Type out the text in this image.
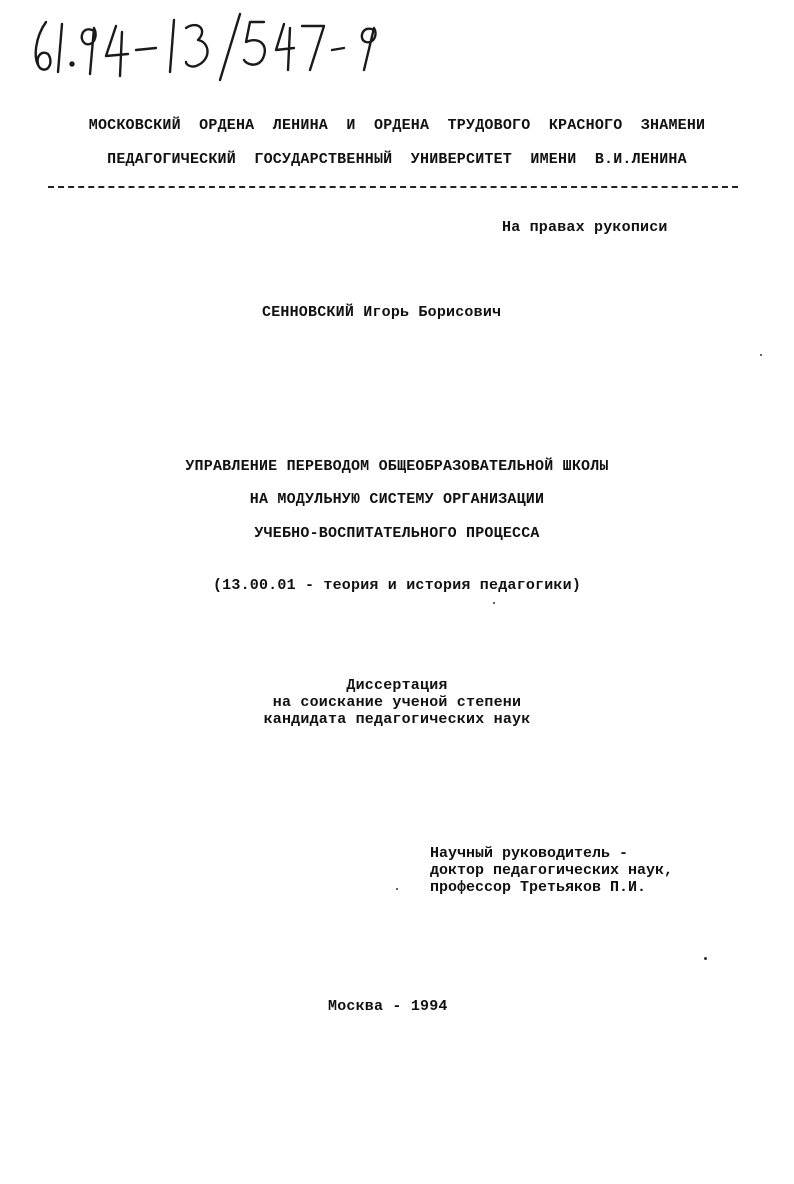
МОСКОВСКИЙ  ОРДЕНА  ЛЕНИНА  И  ОРДЕНА  ТРУДОВОГО  КРАСНОГО  ЗНАМЕНИ
ПЕДАГОГИЧЕСКИЙ  ГОСУДАРСТВЕННЫЙ  УНИВЕРСИТЕТ  ИМЕНИ  В.И.ЛЕНИНА
На правах рукописи
СЕННОВСКИЙ Игорь Борисович
УПРАВЛЕНИЕ ПЕРЕВОДОМ ОБЩЕОБРАЗОВАТЕЛЬНОЙ ШКОЛЫ
НА МОДУЛЬНУЮ СИСТЕМУ ОРГАНИЗАЦИИ
УЧЕБНО-ВОСПИТАТЕЛЬНОГО ПРОЦЕССА
(13.00.01 - теория и история педагогики)
Диссертация
на соискание ученой степени
кандидата педагогических наук
Научный руководитель -
доктор педагогических наук,
профессор Третьяков П.И.
Москва - 1994
